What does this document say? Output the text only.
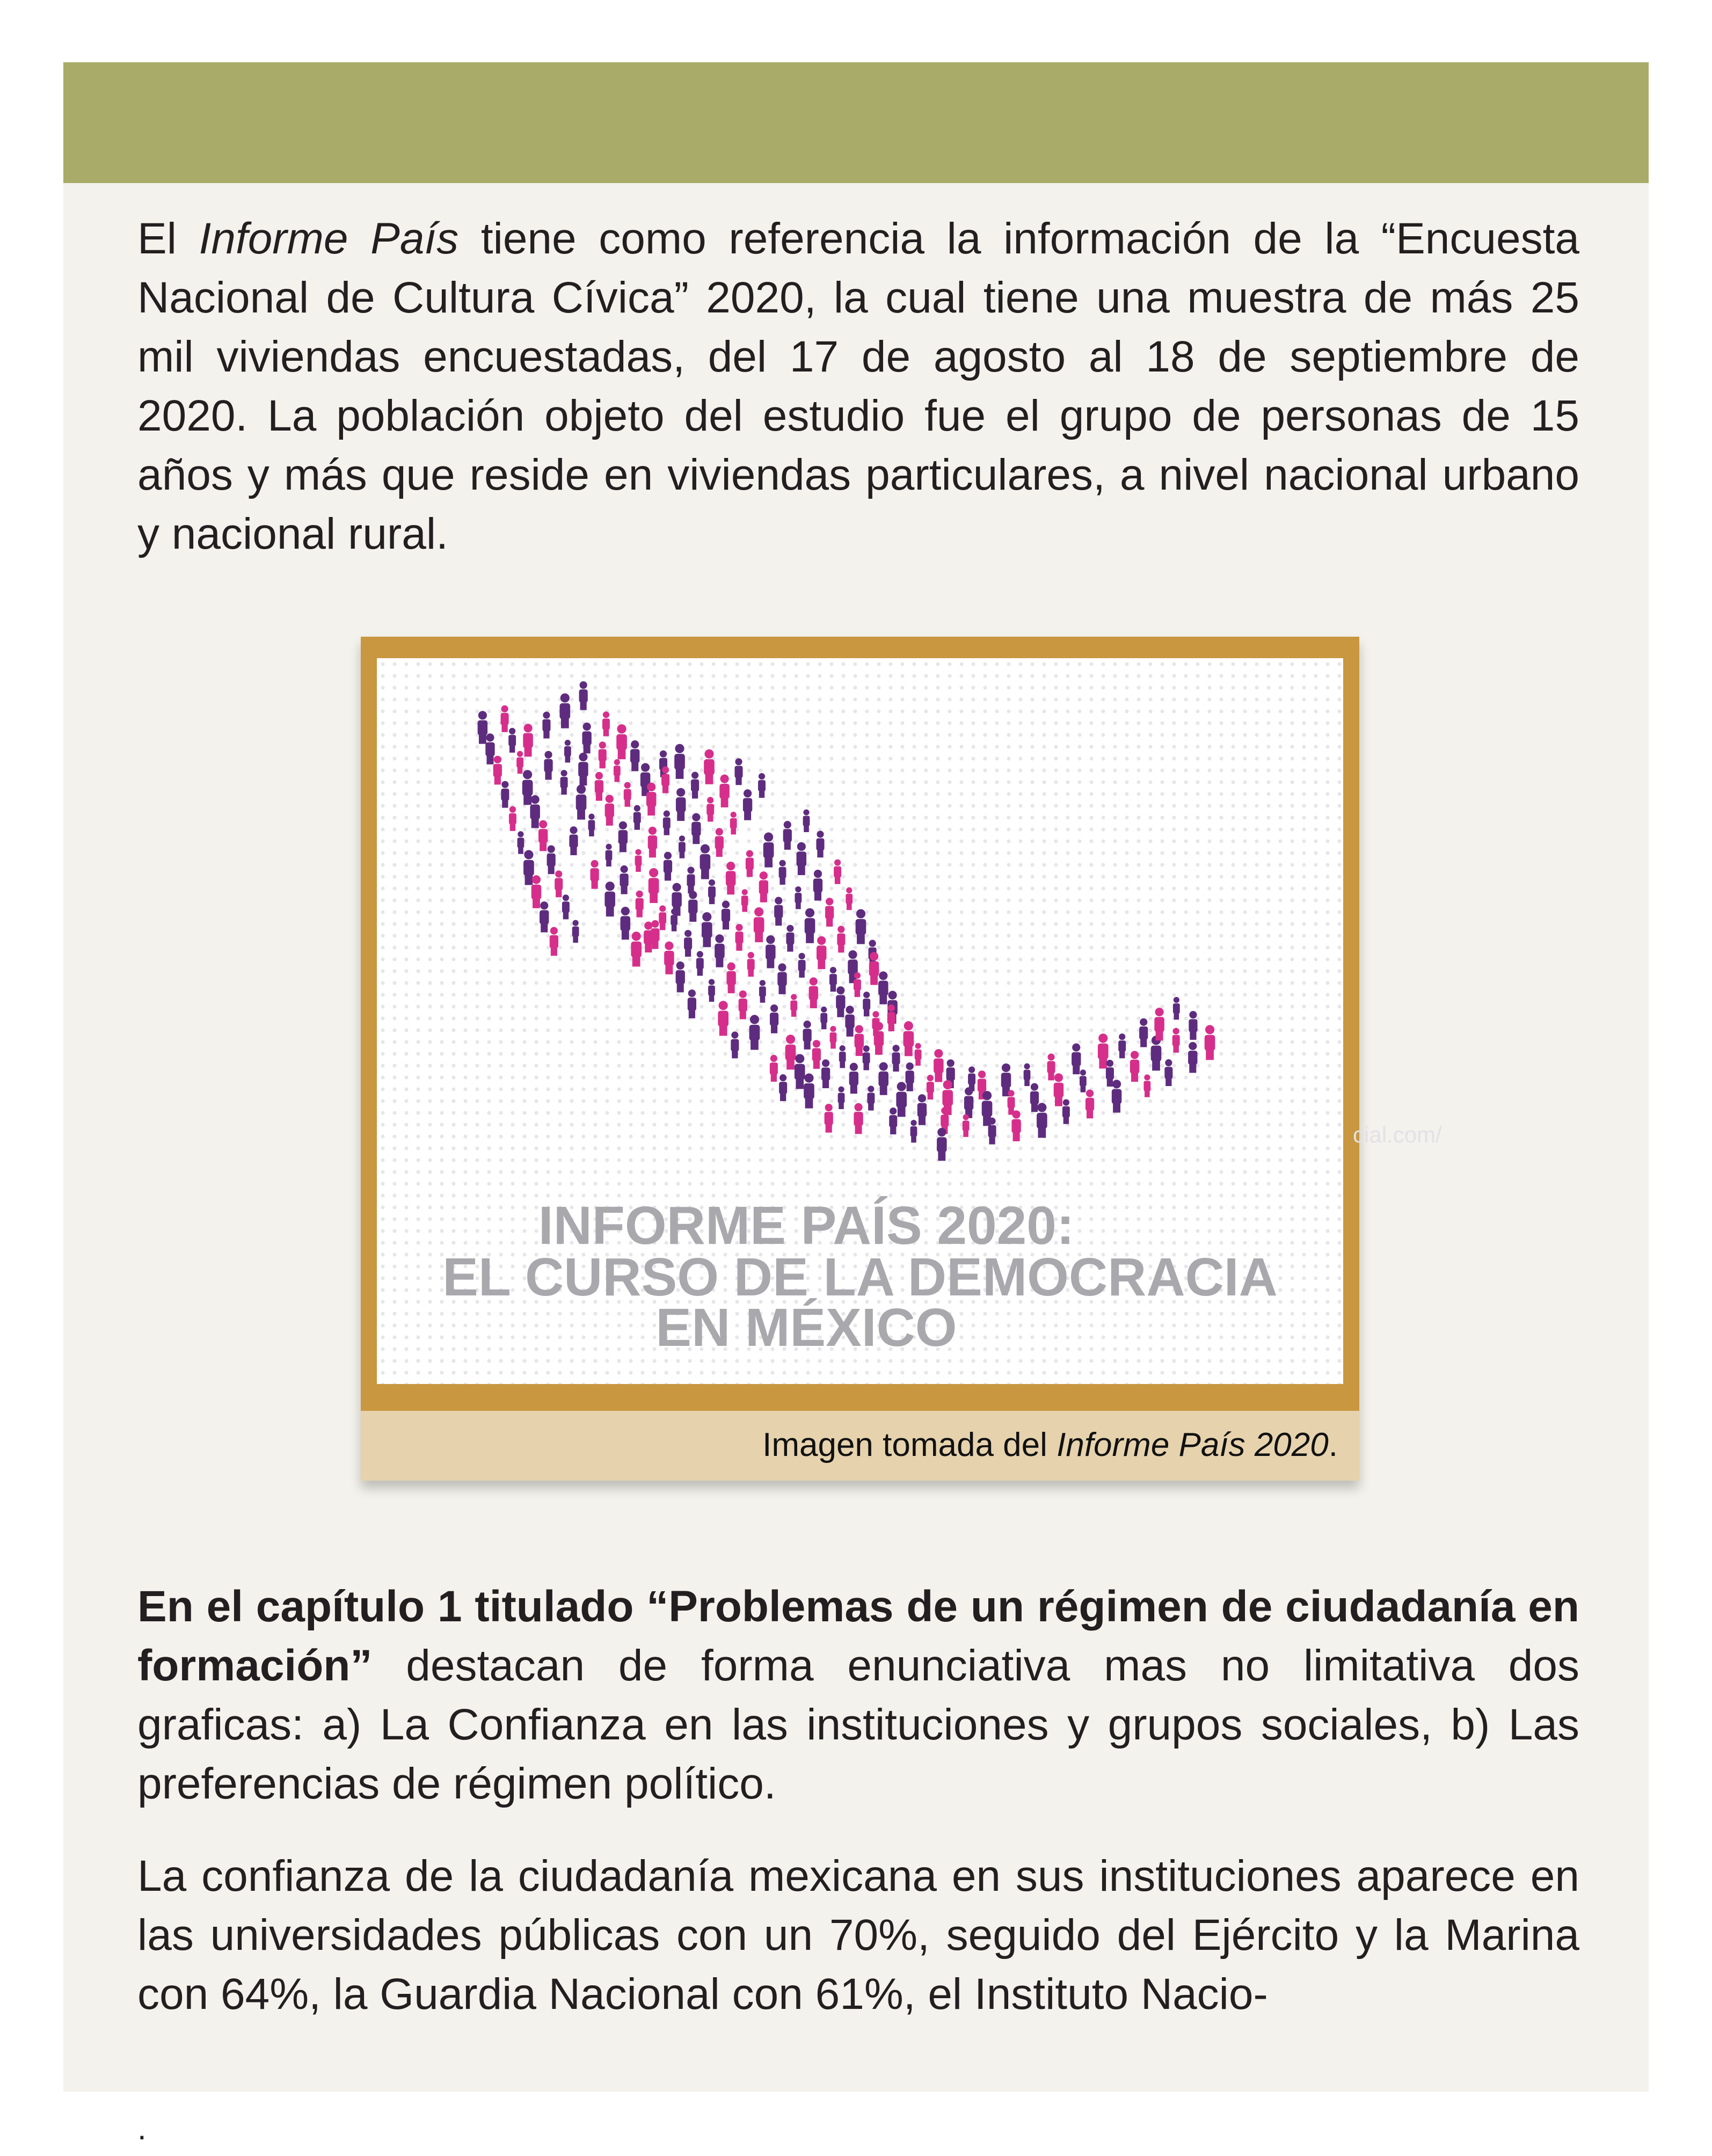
El Informe País tiene como referencia la información de la “Encuesta Nacional de Cultura Cívica” 2020, la cual tiene una muestra de más 25 mil viviendas encuestadas, del 17 de agosto al 18 de septiembre de 2020. La población objeto del estudio fue el grupo de personas de 15 años y más que reside en viviendas particulares, a nivel nacional urbano y nacional rural.

INFORME PAÍS 2020:
EL CURSO DE LA DEMOCRACIA
EN MÉXICO
Imagen tomada del Informe País 2020.
cial.com/

En el capítulo 1 titulado “Problemas de un régimen de ciudadanía en formación” destacan de forma enunciativa mas no limitativa dos graficas: a) La Confianza en las instituciones y grupos sociales, b) Las preferencias de régimen político.

La confianza de la ciudadanía mexicana en sus instituciones aparece en las universidades públicas con un 70%, seguido del Ejército y la Marina con 64%, la Guardia Nacional con 61%, el Instituto Nacio-

.
